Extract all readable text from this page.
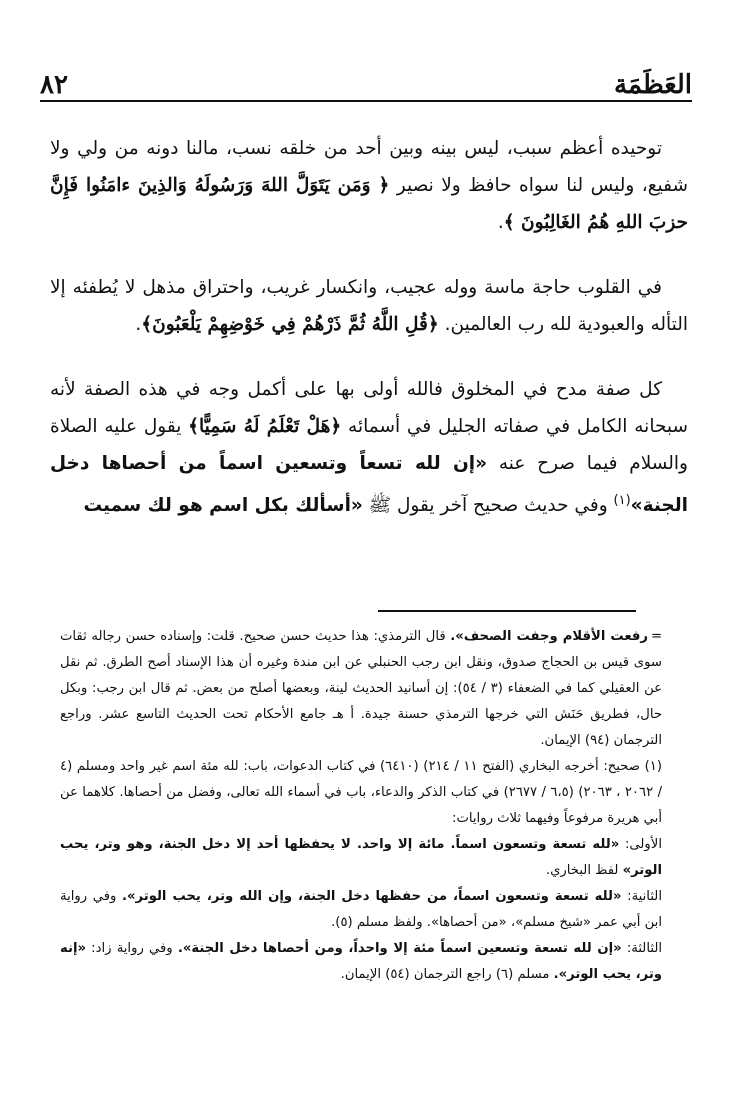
العَظَمَة
٨٢

توحيده أعظم سبب، ليس بينه وبين أحد من خلقه نسب، مالنا دونه من ولي ولا شفيع، وليس لنا سواه حافظ ولا نصير ﴿ وَمَن يَتَوَلَّ اللهَ وَرَسُولَهُ وَالذِينَ ءامَنُوا فَإِنَّ حزبَ اللهِ هُمُ الغَالِبُونَ ﴾.

في القلوب حاجة ماسة ووله عجيب، وانكسار غريب، واحتراق مذهل لا يُطفئه إلا التأله والعبودية لله رب العالمين. ﴿قُلِ اللَّهُ ثُمَّ ذَرْهُمْ فِي خَوْضِهِمْ يَلْعَبُونَ﴾.

كل صفة مدح في المخلوق فالله أولى بها على أكمل وجه في هذه الصفة لأنه سبحانه الكامل في صفاته الجليل في أسمائه ﴿هَلْ تَعْلَمُ لَهُ سَمِيًّا﴾ يقول عليه الصلاة والسلام فيما صرح عنه «إن لله تسعاً وتسعين اسماً من أحصاها دخل الجنة»$^{(١)}$ وفي حديث صحيح آخر يقول ﷺ «أسألك بكل اسم هو لك سميت

=رفعت الأقلام وجفت الصحف». قال الترمذي: هذا حديث حسن صحيح. قلت: وإسناده حسن رجاله ثقات سوى قيس بن الحجاج صدوق، ونقل ابن رجب الحنبلي عن ابن مندة وغيره أن هذا الإسناد أصح الطرق. ثم نقل عن العقيلي كما في الضعفاء (٣ / ٥٤): إن أسانيد الحديث لينة، وبعضها أصلح من بعض. ثم قال ابن رجب: وبكل حال، فطريق حَنَش التي خرجها الترمذي حسنة جيدة. أ هـ جامع الأحكام تحت الحديث التاسع عشر. وراجع الترجمان (٩٤) الإيمان.

(١) صحيح: أخرجه البخاري (الفتح ١١ / ٢١٤) (٦٤١٠) في كتاب الدعوات، باب: لله مئة اسم غير واحد ومسلم (٤ / ٢٠٦٢ ، ٢٠٦٣) (٦،٥ / ٢٦٧٧) في كتاب الذكر والدعاء، باب في أسماء الله تعالى، وفضل من أحصاها. كلاهما عن أبي هريرة مرفوعاً وفيهما ثلاث روايات:

الأولى: «لله تسعة وتسعون اسماً. مائة إلا واحد. لا يحفظها أحد إلا دخل الجنة، وهو وتر، يحب الوتر» لفظ البخاري.

الثانية: «لله تسعة وتسعون اسماً، من حفظها دخل الجنة، وإن الله وتر، يحب الوتر». وفي رواية ابن أبي عمر «شيخ مسلم»، «من أحصاها». ولفظ مسلم (٥).

الثالثة: «إن لله تسعة وتسعين اسماً مئة إلا واحداً، ومن أحصاها دخل الجنة». وفي رواية زاد: «إنه وتر، يحب الوتر». مسلم (٦) راجع الترجمان (٥٤) الإيمان.
